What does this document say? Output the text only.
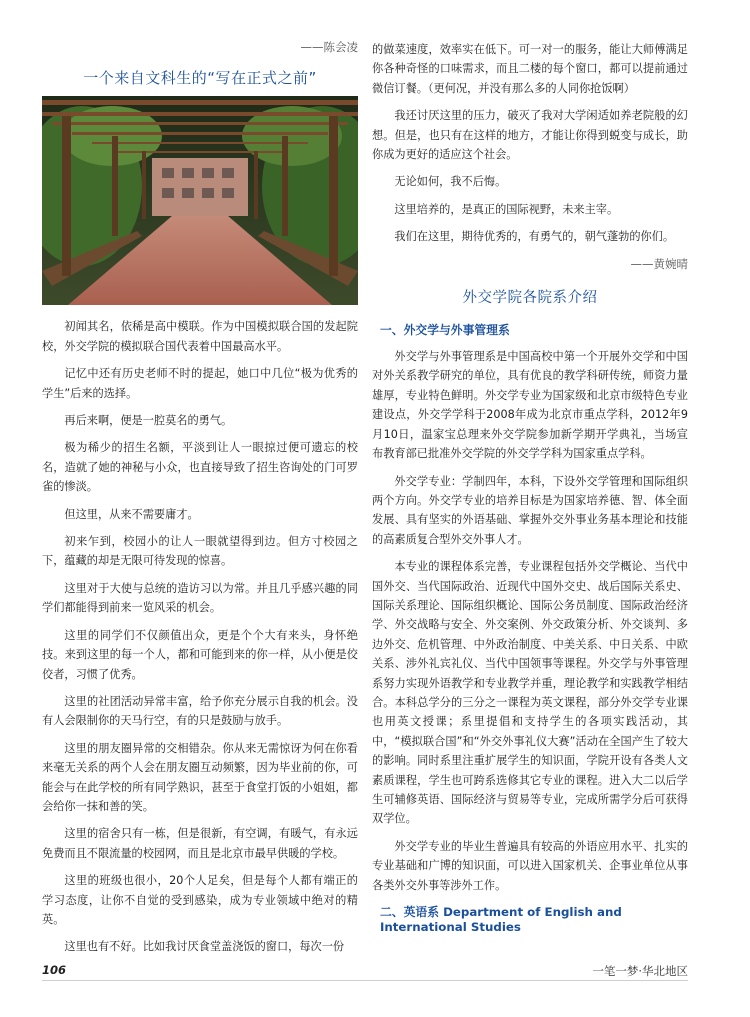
——陈会凌

一个来自文科生的“写在正式之前”

初闻其名，依稀是高中模联。作为中国模拟联合国的发起院校，外交学院的模拟联合国代表着中国最高水平。

记忆中还有历史老师不时的提起，她口中几位“极为优秀的学生”后来的选择。

再后来啊，便是一腔莫名的勇气。

极为稀少的招生名额，平淡到让人一眼掠过便可遗忘的校名，造就了她的神秘与小众，也直接导致了招生咨询处的门可罗雀的惨淡。

但这里，从来不需要庸才。

初来乍到，校园小的让人一眼就望得到边。但方寸校园之下，蕴藏的却是无限可待发现的惊喜。

这里对于大使与总统的造访习以为常。并且几乎感兴趣的同学们都能得到前来一览风采的机会。

这里的同学们不仅颜值出众，更是个个大有来头，身怀绝技。来到这里的每一个人，都和可能到来的你一样，从小便是佼佼者，习惯了优秀。

这里的社团活动异常丰富，给予你充分展示自我的机会。没有人会限制你的天马行空，有的只是鼓励与放手。

这里的朋友圈异常的交相错杂。你从来无需惊讶为何在你看来毫无关系的两个人会在朋友圈互动频繁，因为毕业前的你，可能会与在此学校的所有同学熟识，甚至于食堂打饭的小姐姐，都会给你一抹和善的笑。

这里的宿舍只有一栋，但是很新，有空调，有暖气，有永远免费而且不限流量的校园网，而且是北京市最早供暖的学校。

这里的班级也很小，20个人足矣，但是每个人都有端正的学习态度，让你不自觉的受到感染，成为专业领域中绝对的精英。

这里也有不好。比如我讨厌食堂盖浇饭的窗口，每次一份

的做菜速度，效率实在低下。可一对一的服务，能让大师傅满足你各种奇怪的口味需求，而且二楼的每个窗口，都可以提前通过微信订餐。（更何况，并没有那么多的人同你抢饭啊）

我还讨厌这里的压力，破灭了我对大学闲适如养老院般的幻想。但是，也只有在这样的地方，才能让你得到蜕变与成长，助你成为更好的适应这个社会。

无论如何，我不后悔。

这里培养的，是真正的国际视野，未来主宰。

我们在这里，期待优秀的，有勇气的，朝气蓬勃的你们。

——黄婉晴

外交学院各院系介绍
一、外交学与外事管理系

外交学与外事管理系是中国高校中第一个开展外交学和中国对外关系教学研究的单位，具有优良的教学科研传统，师资力量雄厚，专业特色鲜明。外交学专业为国家级和北京市级特色专业建设点，外交学学科于2008年成为北京市重点学科，2012年9月10日，温家宝总理来外交学院参加新学期开学典礼，当场宣布教育部已批准外交学院的外交学学科为国家重点学科。

外交学专业：学制四年，本科，下设外交学管理和国际组织两个方向。外交学专业的培养目标是为国家培养德、智、体全面发展、具有坚实的外语基础、掌握外交外事业务基本理论和技能的高素质复合型外交外事人才。

本专业的课程体系完善，专业课程包括外交学概论、当代中国外交、当代国际政治、近现代中国外交史、战后国际关系史、国际关系理论、国际组织概论、国际公务员制度、国际政治经济学、外交战略与安全、外交案例、外交政策分析、外交谈判、多边外交、危机管理、中外政治制度、中美关系、中日关系、中欧关系、涉外礼宾礼仪、当代中国领事等课程。外交学与外事管理系努力实现外语教学和专业教学并重，理论教学和实践教学相结合。本科总学分的三分之一课程为英文课程，部分外交学专业课也用英文授课；系里提倡和支持学生的各项实践活动，其中，“模拟联合国”和“外交外事礼仪大赛”活动在全国产生了较大的影响。同时系里注重扩展学生的知识面，学院开设有各类人文素质课程，学生也可跨系选修其它专业的课程。进入大二以后学生可辅修英语、国际经济与贸易等专业，完成所需学分后可获得双学位。

外交学专业的毕业生普遍具有较高的外语应用水平、扎实的专业基础和广博的知识面，可以进入国家机关、企事业单位从事各类外交外事等涉外工作。

二、英语系 Department of English and International Studies
106	一笔一梦·华北地区
